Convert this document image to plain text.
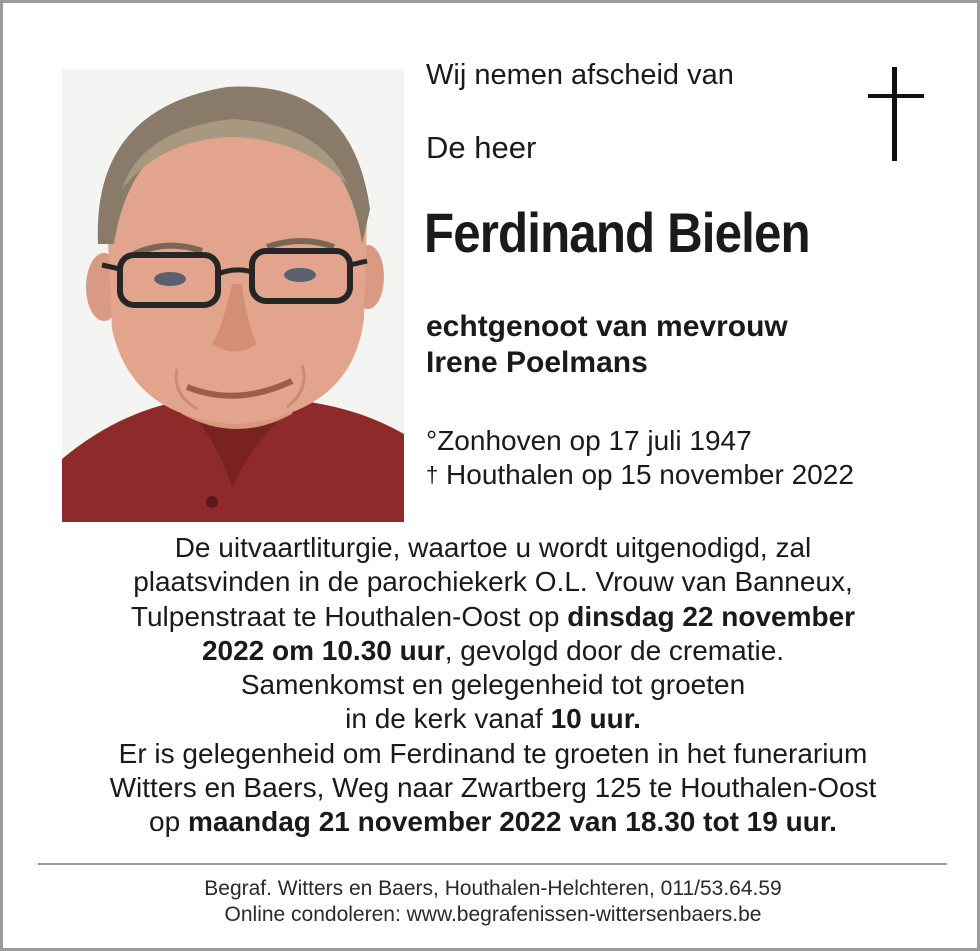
Wij nemen afscheid van
De heer
Ferdinand Bielen
echtgenoot van mevrouw
Irene Poelmans
°Zonhoven op 17 juli 1947
† Houthalen op 15 november 2022

De uitvaartliturgie, waartoe u wordt uitgenodigd, zal

plaatsvinden in de parochiekerk O.L. Vrouw van Banneux,

Tulpenstraat te Houthalen-Oost op dinsdag 22 november

2022 om 10.30 uur, gevolgd door de crematie.

Samenkomst en gelegenheid tot groeten

in de kerk vanaf 10 uur.

Er is gelegenheid om Ferdinand te groeten in het funerarium

Witters en Baers, Weg naar Zwartberg 125 te Houthalen-Oost

op maandag 21 november 2022 van 18.30 tot 19 uur.

Begraf. Witters en Baers, Houthalen-Helchteren, 011/53.64.59
Online condoleren: www.begrafenissen-wittersenbaers.be
